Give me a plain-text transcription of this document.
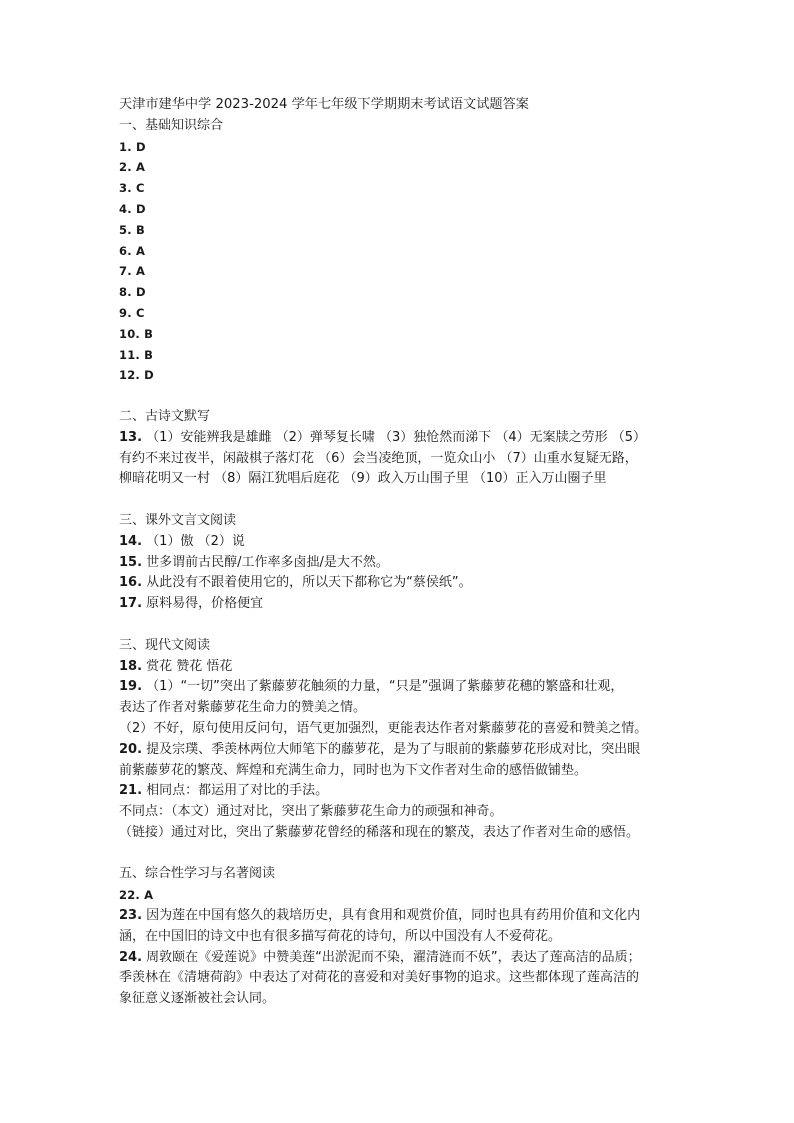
天津市建华中学 2023-2024 学年七年级下学期期末考试语文试题答案
一、基础知识综合
1. D
2. A
3. C
4. D
5. B
6. A
7. A
8. D
9. C
10. B
11. B
12. D
二、古诗文默写
13. （1）安能辨我是雄雌 （2）弹琴复长啸 （3）独怆然而涕下 （4）无案牍之劳形 （5）
有约不来过夜半，闲敲棋子落灯花 （6）会当凌绝顶，一览众山小 （7）山重水复疑无路，
柳暗花明又一村 （8）隔江犹唱后庭花 （9）政入万山围子里 （10）正入万山圈子里
三、课外文言文阅读
14. （1）傲 （2）说
15. 世多谓前古民醇/工作率多卤拙/是大不然。
16. 从此没有不跟着使用它的，所以天下都称它为“蔡侯纸”。
17. 原料易得，价格便宜
三、现代文阅读
18. 赏花 赞花 悟花
19. （1）“一切”突出了紫藤萝花触须的力量，“只是”强调了紫藤萝花穗的繁盛和壮观，
表达了作者对紫藤萝花生命力的赞美之情。
（2）不好，原句使用反问句，语气更加强烈，更能表达作者对紫藤萝花的喜爱和赞美之情。
20. 提及宗璞、季羡林两位大师笔下的藤萝花，是为了与眼前的紫藤萝花形成对比，突出眼
前紫藤萝花的繁茂、辉煌和充满生命力，同时也为下文作者对生命的感悟做铺垫。
21. 相同点：都运用了对比的手法。
不同点：（本文）通过对比，突出了紫藤萝花生命力的顽强和神奇。
（链接）通过对比，突出了紫藤萝花曾经的稀落和现在的繁茂，表达了作者对生命的感悟。
五、综合性学习与名著阅读
22. A
23. 因为莲在中国有悠久的栽培历史，具有食用和观赏价值，同时也具有药用价值和文化内
涵，在中国旧的诗文中也有很多描写荷花的诗句，所以中国没有人不爱荷花。
24. 周敦颐在《爱莲说》中赞美莲“出淤泥而不染，濯清涟而不妖”，表达了莲高洁的品质；
季羡林在《清塘荷韵》中表达了对荷花的喜爱和对美好事物的追求。这些都体现了莲高洁的
象征意义逐渐被社会认同。
